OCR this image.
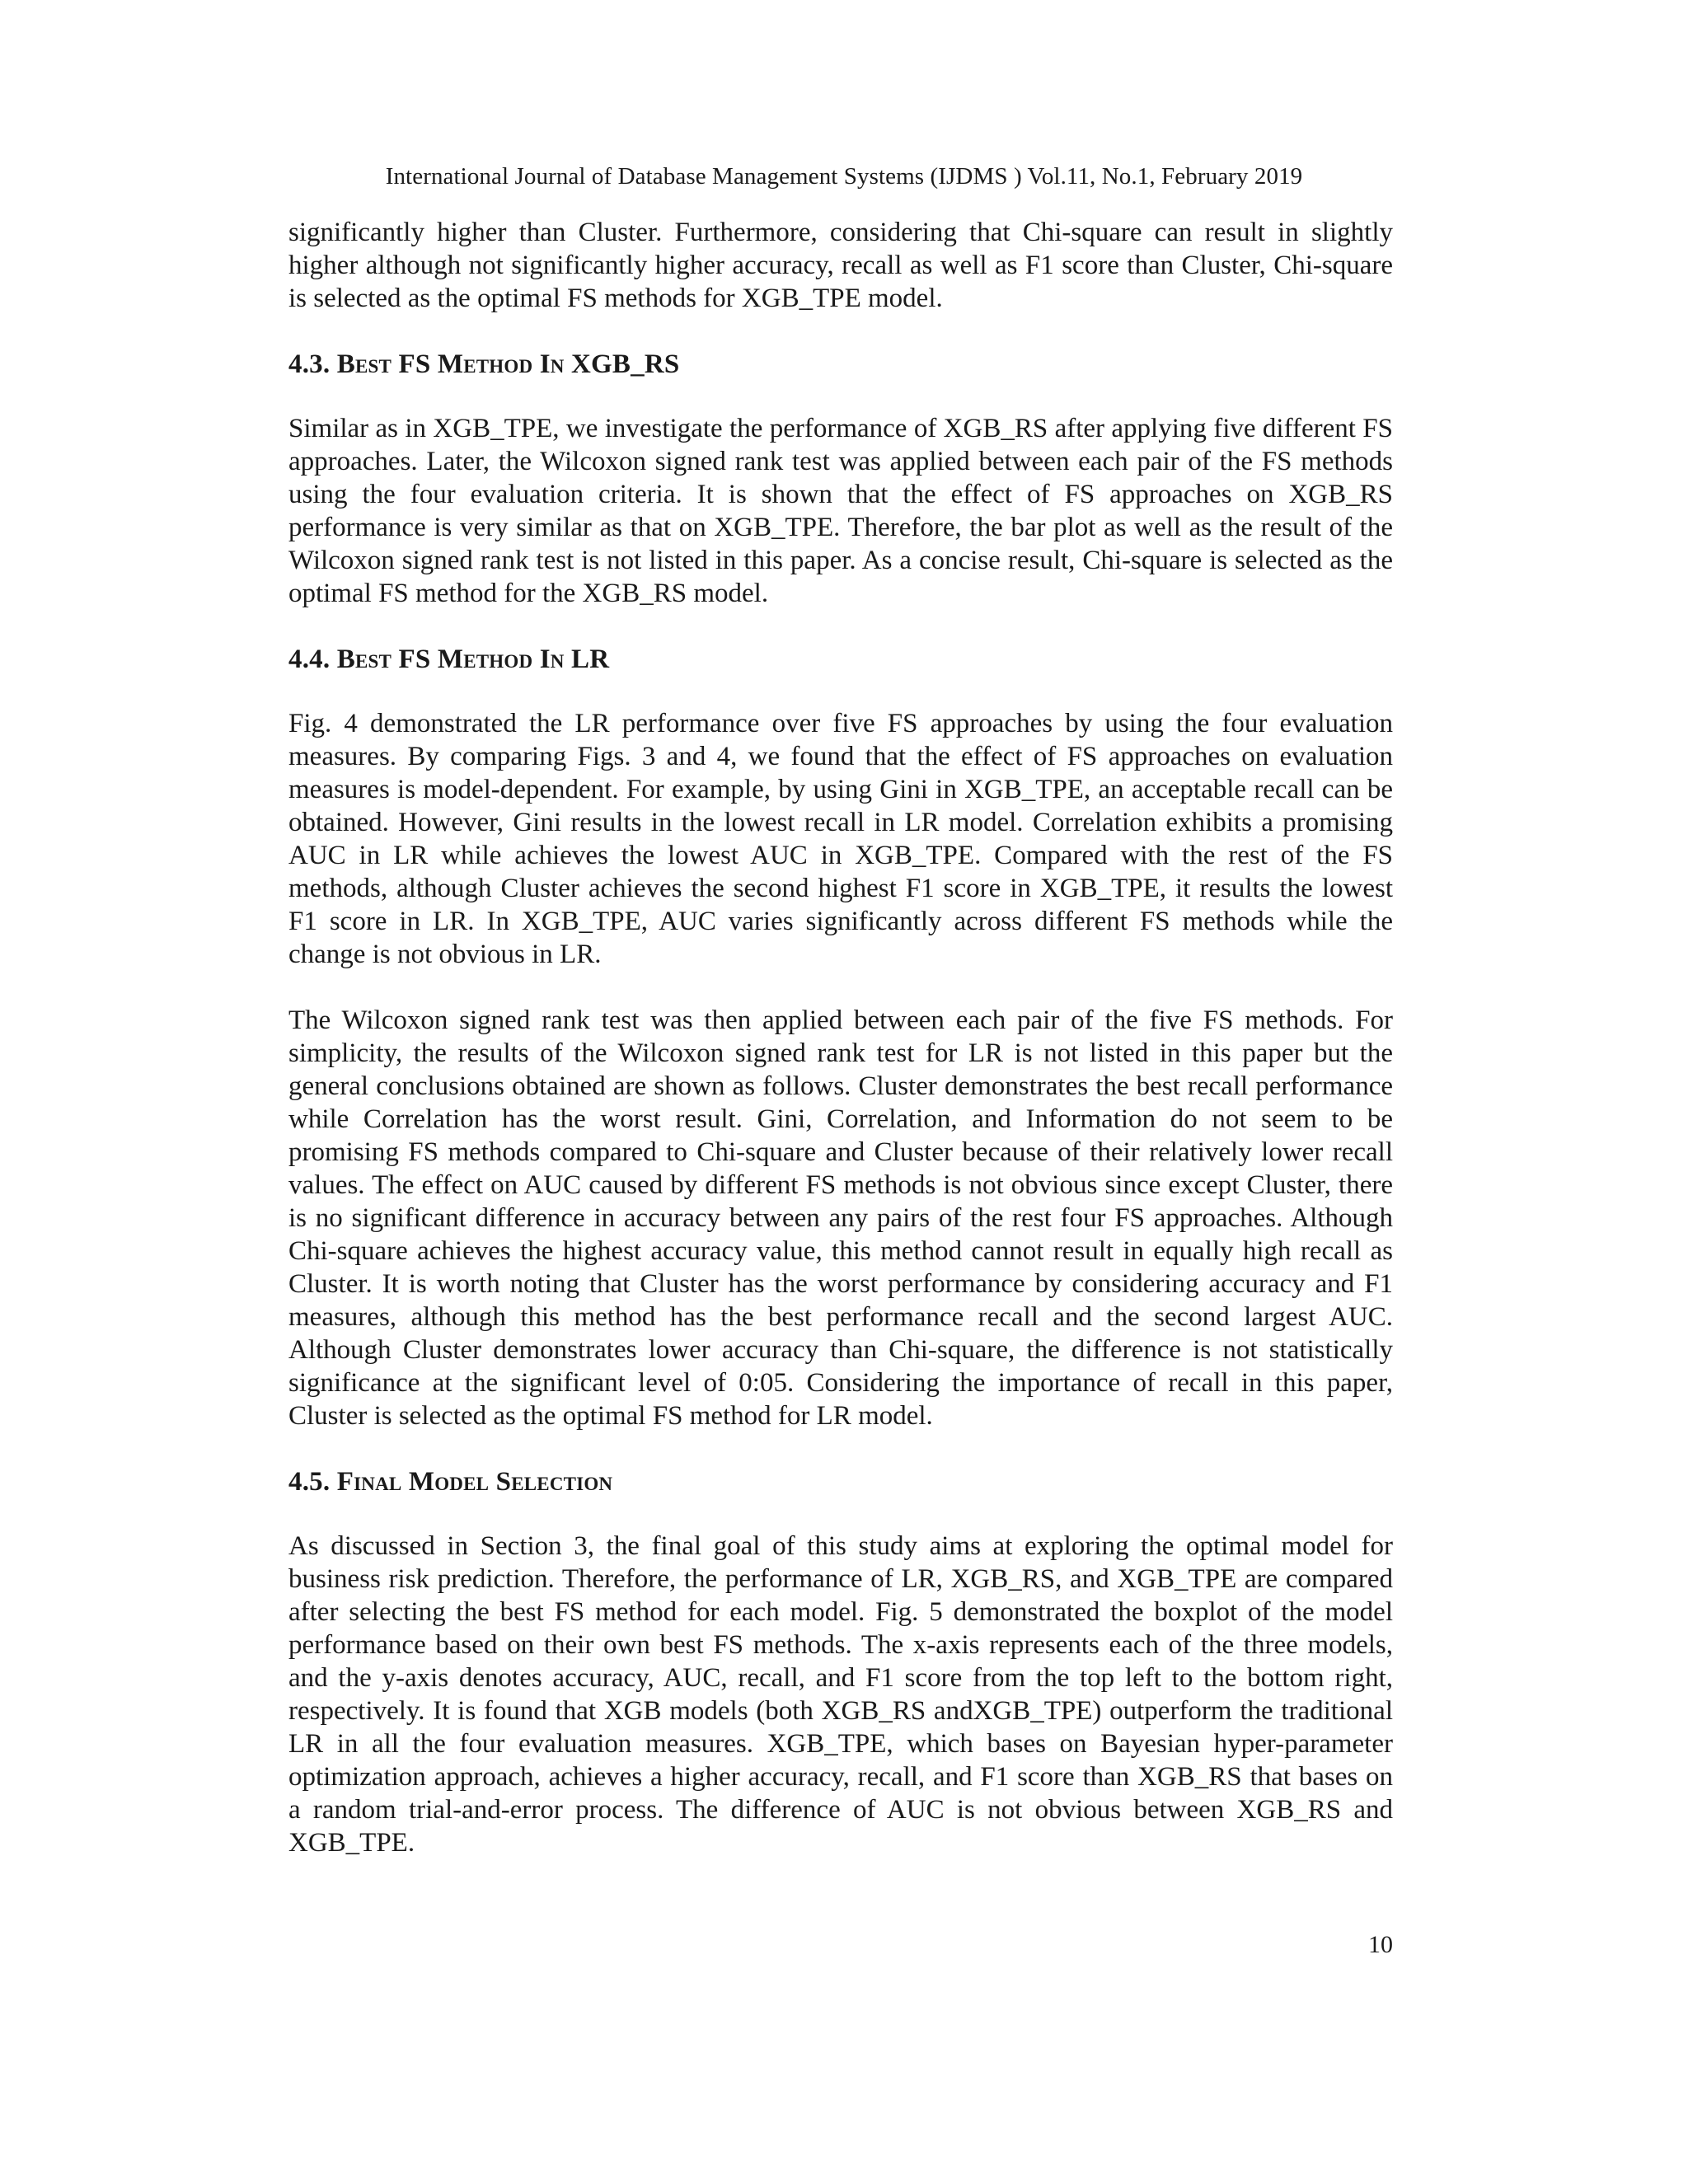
International Journal of Database Management Systems (IJDMS ) Vol.11, No.1, February 2019

significantly higher than Cluster. Furthermore, considering that Chi-square can result in slightly higher although not significantly higher accuracy, recall as well as F1 score than Cluster, Chi-square is selected as the optimal FS methods for XGB_TPE model.

4.3. Best FS Method In XGB_RS

Similar as in XGB_TPE, we investigate the performance of XGB_RS after applying five different FS approaches. Later, the Wilcoxon signed rank test was applied between each pair of the FS methods using the four evaluation criteria. It is shown that the effect of FS approaches on XGB_RS performance is very similar as that on XGB_TPE. Therefore, the bar plot as well as the result of the Wilcoxon signed rank test is not listed in this paper. As a concise result, Chi-square is selected as the optimal FS method for the XGB_RS model.

4.4. Best FS Method In LR

Fig. 4 demonstrated the LR performance over five FS approaches by using the four evaluation measures. By comparing Figs. 3 and 4, we found that the effect of FS approaches on evaluation measures is model-dependent. For example, by using Gini in XGB_TPE, an acceptable recall can be obtained. However, Gini results in the lowest recall in LR model. Correlation exhibits a promising AUC in LR while achieves the lowest AUC in XGB_TPE. Compared with the rest of the FS methods, although Cluster achieves the second highest F1 score in XGB_TPE, it results the lowest F1 score in LR. In XGB_TPE, AUC varies significantly across different FS methods while the change is not obvious in LR.

The Wilcoxon signed rank test was then applied between each pair of the five FS methods. For simplicity, the results of the Wilcoxon signed rank test for LR is not listed in this paper but the general conclusions obtained are shown as follows. Cluster demonstrates the best recall performance while Correlation has the worst result. Gini, Correlation, and Information do not seem to be promising FS methods compared to Chi-square and Cluster because of their relatively lower recall values. The effect on AUC caused by different FS methods is not obvious since except Cluster, there is no significant difference in accuracy between any pairs of the rest four FS approaches. Although Chi-square achieves the highest accuracy value, this method cannot result in equally high recall as Cluster. It is worth noting that Cluster has the worst performance by considering accuracy and F1 measures, although this method has the best performance recall and the second largest AUC. Although Cluster demonstrates lower accuracy than Chi-square, the difference is not statistically significance at the significant level of 0:05. Considering the importance of recall in this paper, Cluster is selected as the optimal FS method for LR model.

4.5. Final Model Selection

As discussed in Section 3, the final goal of this study aims at exploring the optimal model for business risk prediction. Therefore, the performance of LR, XGB_RS, and XGB_TPE are compared after selecting the best FS method for each model. Fig. 5 demonstrated the boxplot of the model performance based on their own best FS methods. The x-axis represents each of the three models, and the y-axis denotes accuracy, AUC, recall, and F1 score from the top left to the bottom right, respectively. It is found that XGB models (both XGB_RS andXGB_TPE) outperform the traditional LR in all the four evaluation measures. XGB_TPE, which bases on Bayesian hyper-parameter optimization approach, achieves a higher accuracy, recall, and F1 score than XGB_RS that bases on a random trial-and-error process. The difference of AUC is not obvious between XGB_RS and XGB_TPE.

10
